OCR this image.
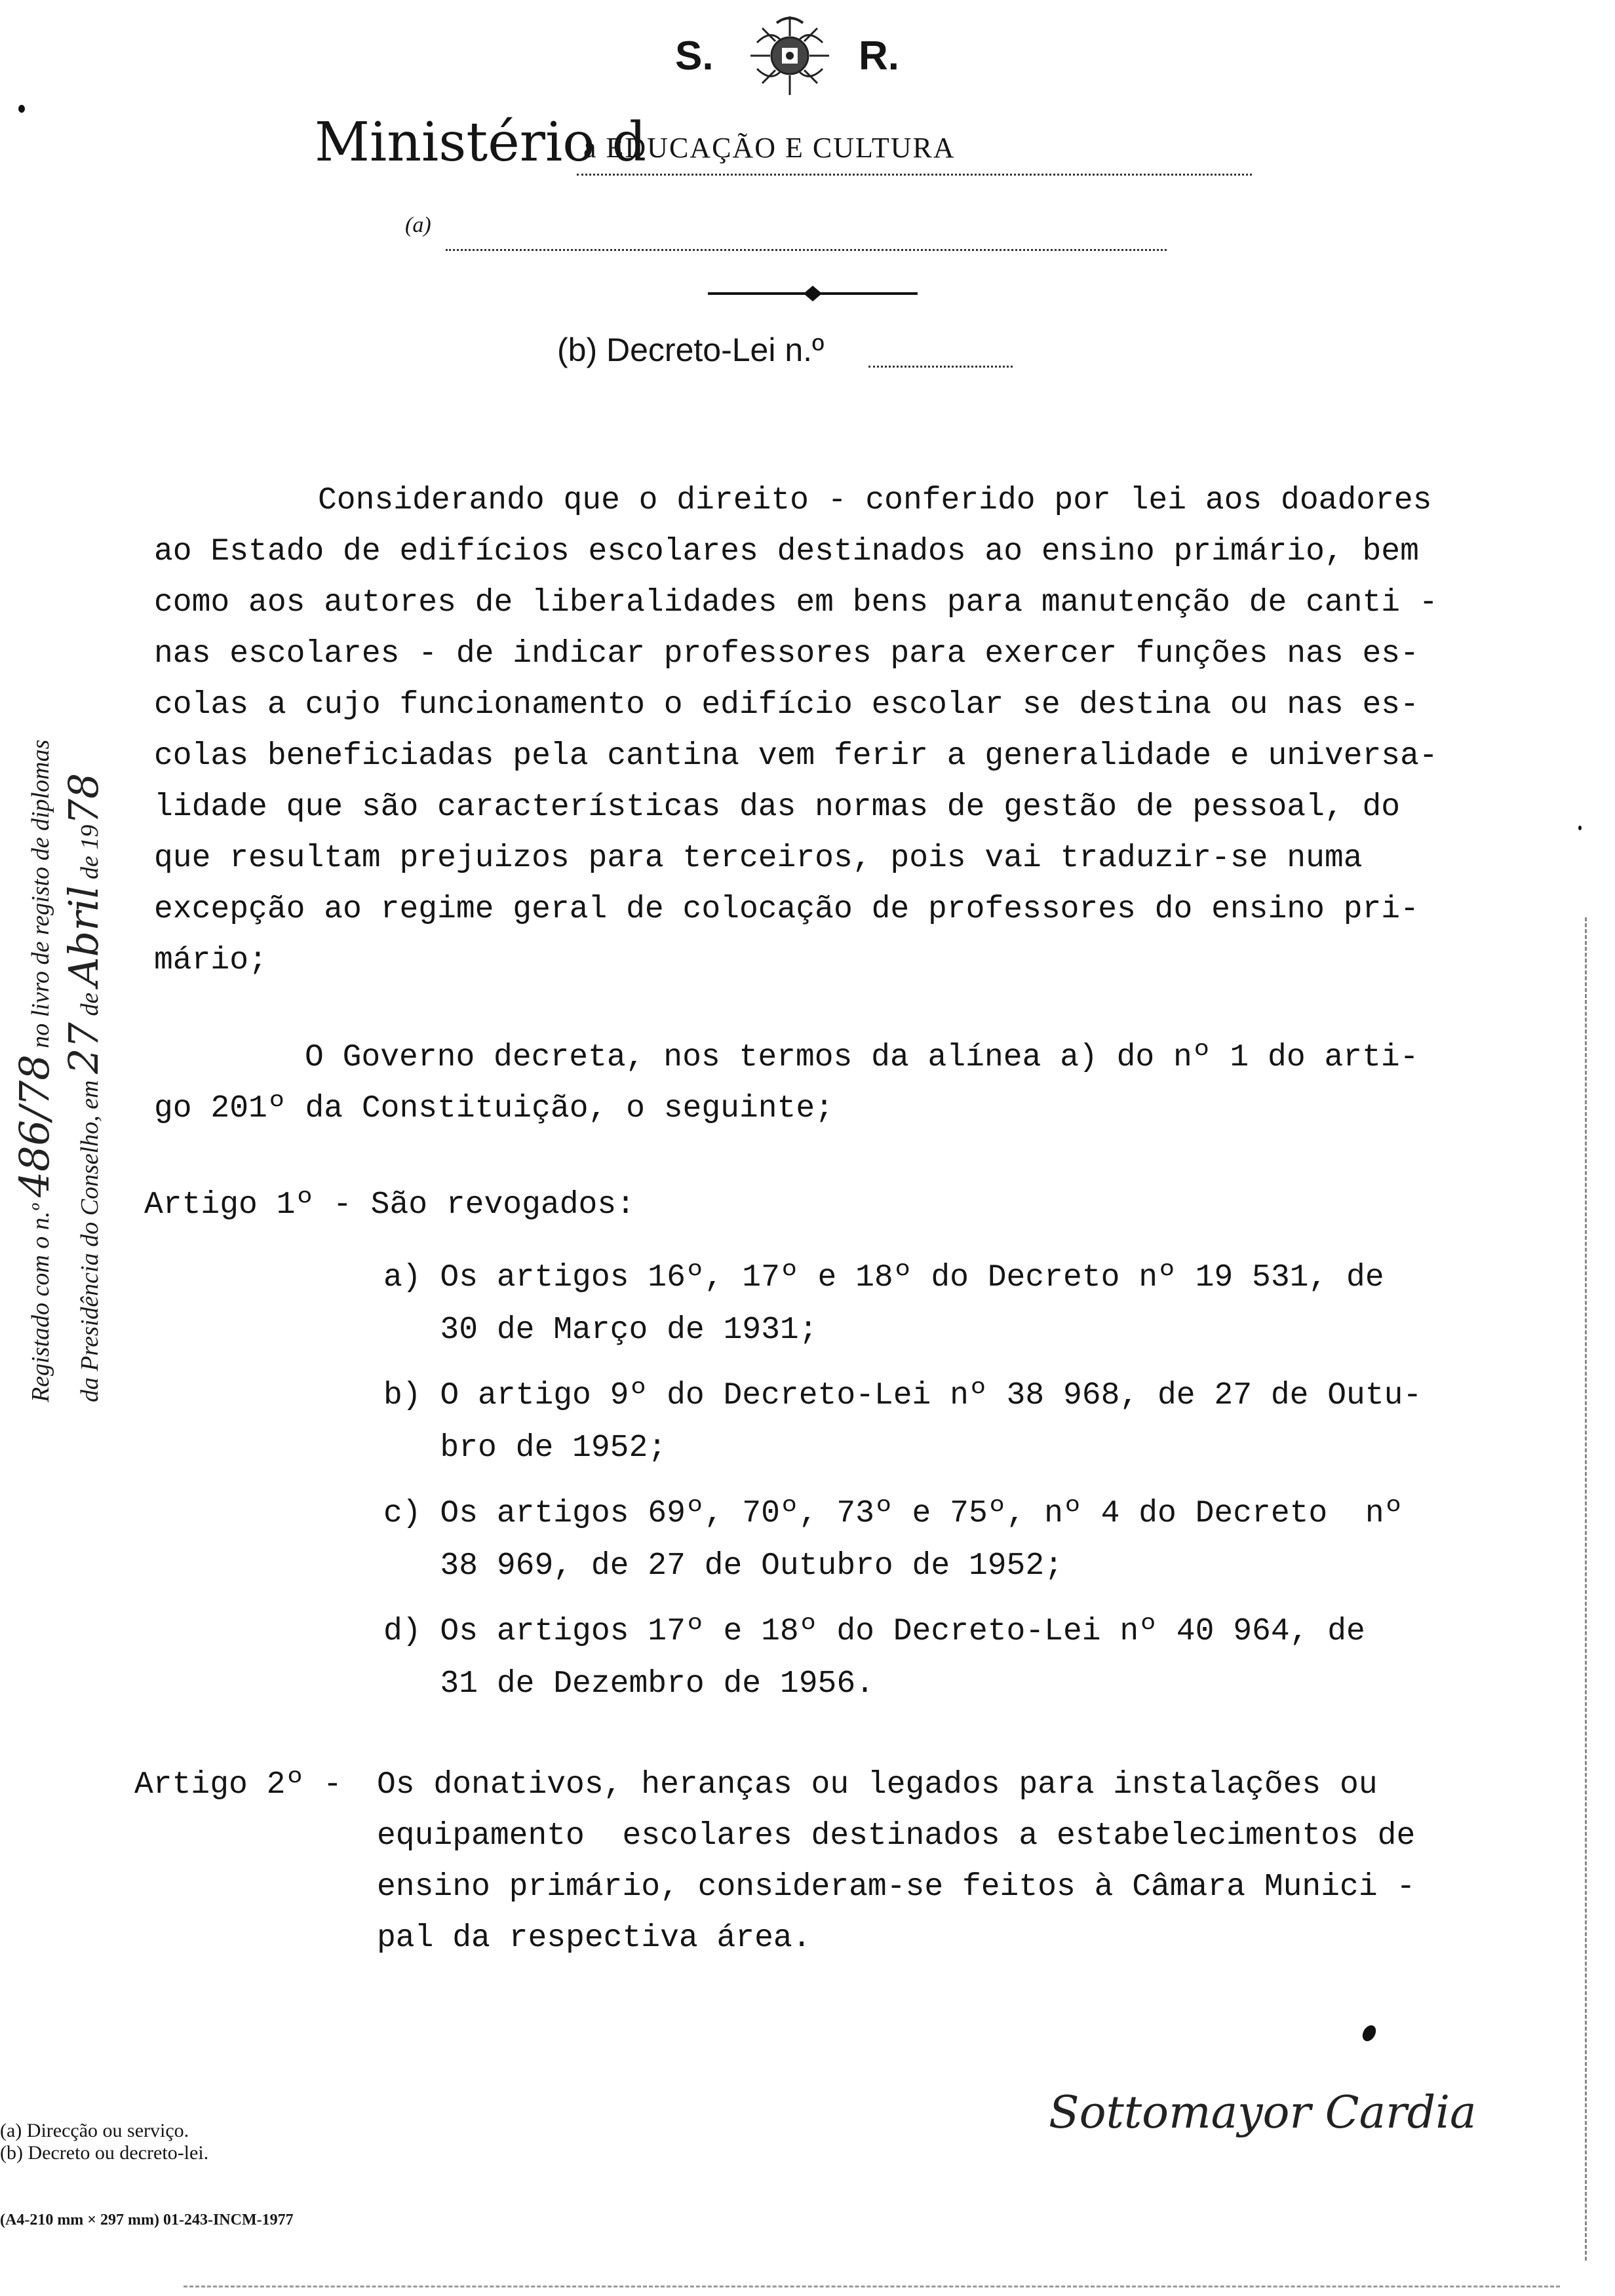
S.	R.
Ministério d
a EDUCAÇÃO E CULTURA
(a)
(b) Decreto-Lei n.º
Registado com o n.º 486/78 no livro de registo de diplomas
da Presidência do Conselho, em 27 de Abril de 1978
Considerando que o direito - conferido por lei aos doadores
ao Estado de edifícios escolares destinados ao ensino primário, bem
como aos autores de liberalidades em bens para manutenção de canti -
nas escolares - de indicar professores para exercer funções nas es-
colas a cujo funcionamento o edifício escolar se destina ou nas es-
colas beneficiadas pela cantina vem ferir a generalidade e universa-
lidade que são características das normas de gestão de pessoal, do
que resultam prejuizos para terceiros, pois vai traduzir-se numa
excepção ao regime geral de colocação de professores do ensino pri-
mário;
O Governo decreta, nos termos da alínea a) do nº 1 do arti-
go 201º da Constituição, o seguinte;
Artigo 1º - São revogados:
a) Os artigos 16º, 17º e 18º do Decreto nº 19 531, de
30 de Março de 1931;
b) O artigo 9º do Decreto-Lei nº 38 968, de 27 de Outu-
bro de 1952;
c) Os artigos 69º, 70º, 73º e 75º, nº 4 do Decreto  nº
38 969, de 27 de Outubro de 1952;
d) Os artigos 17º e 18º do Decreto-Lei nº 40 964, de
31 de Dezembro de 1956.
Artigo 2º - Os donativos, heranças ou legados para instalações ou
equipamento  escolares destinados a estabelecimentos de
ensino primário, consideram-se feitos à Câmara Munici -
pal da respectiva área.
(a) Direcção ou serviço.
(b) Decreto ou decreto-lei.
(A4-210 mm × 297 mm) 01-243-INCM-1977
Sottomayor Cardia
